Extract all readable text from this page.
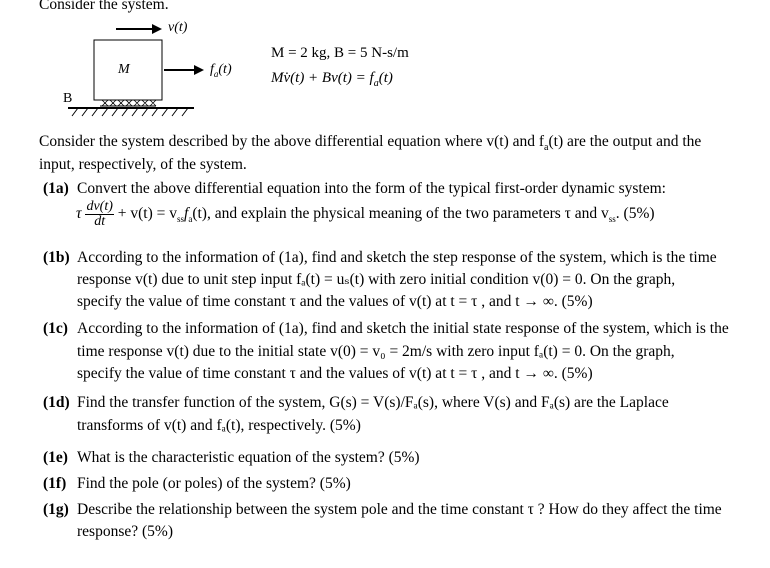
Consider the system.
v(t)
M	$f_a(t)$
B
M = 2 kg, B = 5 N-s/m
Mv̇(t) + $Bv(t) = f_a(t)$
Consider the system described by the above differential equation where v(t) and $f_a(t)$ are the output and the
input, respectively, of the system.
(1a) Convert the above differential equation into the form of the typical first-order dynamic system:
τ $\frac{dv(t)}{dt} + v(t) = v_{ss}f_a(t)$, and explain the physical meaning of the two parameters τ and $v_{ss}$. (5%)
(1b) According to the information of (1a), find and sketch the step response of the system, which is the time
response v(t) due to unit step input fₐ(t) = uₛ(t) with zero initial condition v(0) = 0. On the graph,
specify the value of time constant τ and the values of v(t) at t = τ , and t → ∞. (5%)
(1c) According to the information of (1a), find and sketch the initial state response of the system, which is the
time response v(t) due to the initial state v(0) = v₀ = 2m/s with zero input fₐ(t) = 0. On the graph,
specify the value of time constant τ and the values of v(t) at t = τ , and t → ∞. (5%)
(1d) Find the transfer function of the system, G(s) = V(s)/Fₐ(s), where V(s) and Fₐ(s) are the Laplace
transforms of v(t) and fₐ(t), respectively. (5%)
(1e) What is the characteristic equation of the system? (5%)
(1f) Find the pole (or poles) of the system? (5%)
(1g) Describe the relationship between the system pole and the time constant τ ? How do they affect the time
response? (5%)
